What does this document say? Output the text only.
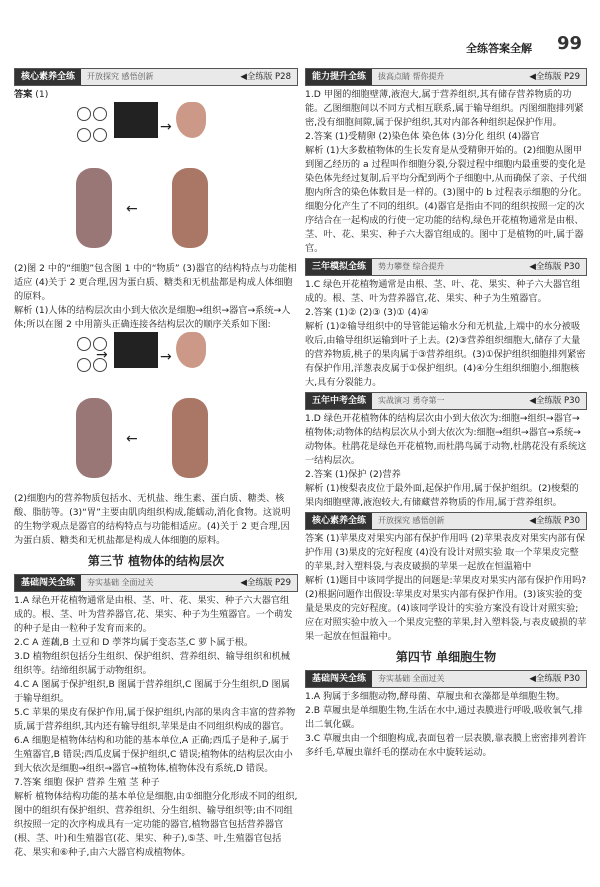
全练答案全解 99
核心素养全练	开放探究 感悟创新	◀全练版 P28

答案 (1)

→
←

(2)图 2 中的“细胞”包含图 1 中的“物质” (3)器官的结构特点与功能相适应 (4)关于 2 更合理,因为蛋白质、糖类和无机盐都是构成人体细胞的原料。

解析 (1)人体的结构层次由小到大依次是细胞→组织→器官→系统→人体;所以在图 2 中用箭头正确连接各结构层次的顺序关系如下图:

→	→
←

(2)细胞内的营养物质包括水、无机盐、维生素、蛋白质、糖类、核酸、脂肪等。(3)“胃”主要由肌肉组织构成,能蠕动,消化食物。这说明的生物学观点是器官的结构特点与功能相适应。(4)关于 2 更合理,因为蛋白质、糖类和无机盐都是构成人体细胞的原料。

第三节 植物体的结构层次
基础闯关全练	夯实基础 全面过关	◀全练版 P29

1.A 绿色开花植物通常是由根、茎、叶、花、果实、种子六大器官组成的。根、茎、叶为营养器官,花、果实、种子为生殖器官。一个萌发的种子是由一粒种子发育而来的。

2.C A 莲藕,B 土豆和 D 荸荠均属于变态茎,C 萝卜属于根。

3.D 植物组织包括分生组织、保护组织、营养组织、输导组织和机械组织等。结缔组织属于动物组织。

4.C A 图属于保护组织,B 图属于营养组织,C 图属于分生组织,D 图属于输导组织。

5.C 苹果的果皮有保护作用,属于保护组织,内部的果肉含丰富的营养物质,属于营养组织,其内还有输导组织,苹果是由不同组织构成的器官。

6.A 细胞是植物体结构和功能的基本单位,A 正确;西瓜子是种子,属于生殖器官,B 错误;西瓜皮属于保护组织,C 错误;植物体的结构层次由小到大依次是细胞→组织→器官→植物体,植物体没有系统,D 错误。

7.答案 细胞 保护 营养 生殖 茎 种子

解析 植物体结构功能的基本单位是细胞,由①细胞分化形成不同的组织,图中的组织有保护组织、营养组织、分生组织、输导组织等;由不同组织按照一定的次序构成具有一定功能的器官,植物器官包括营养器官(根、茎、叶)和生殖器官(花、果实、种子),⑤茎、叶,生殖器官包括花、果实和⑥种子,由六大器官构成植物体。

能力提升全练	拔高点睛 帮你提升	◀全练版 P29

1.D 甲图的细胞壁薄,液泡大,属于营养组织,其有储存营养物质的功能。乙图细胞间以不同方式相互联系,属于输导组织。丙图细胞排列紧密,没有细胞间隙,属于保护组织,其对内部各种组织起保护作用。

2.答案 (1)受精卵 (2)染色体 染色体 (3)分化 组织 (4)器官

解析 (1)大多数植物体的生长发育是从受精卵开始的。(2)细胞从图甲到图乙经历的 a 过程叫作细胞分裂,分裂过程中细胞内最重要的变化是染色体先经过复制,后平均分配到两个子细胞中,从而确保了亲、子代细胞内所含的染色体数目是一样的。(3)图中的 b 过程表示细胞的分化。细胞分化产生了不同的组织。(4)器官是指由不同的组织按照一定的次序结合在一起构成的行使一定功能的结构,绿色开花植物通常是由根、茎、叶、花、果实、种子六大器官组成的。图中丁是植物的叶,属于器官。

三年模拟全练	势力攀登 综合提升	◀全练版 P30

1.C 绿色开花植物通常是由根、茎、叶、花、果实、种子六大器官组成的。根、茎、叶为营养器官,花、果实、种子为生殖器官。

2.答案 (1)② (2)③ (3)① (4)④

解析 (1)②输导组织中的导管能运输水分和无机盐,上端中的水分被吸收后,由输导组织运输到叶子上去。(2)③营养组织细胞大,储存了大量的营养物质,桃子的果肉属于③营养组织。(3)①保护组织细胞排列紧密有保护作用,洋葱表皮属于①保护组织。(4)④分生组织细胞小,细胞核大,具有分裂能力。

五年中考全练	实战演习 勇夺第一	◀全练版 P30

1.D 绿色开花植物体的结构层次由小到大依次为:细胞→组织→器官→植物体;动物体的结构层次从小到大依次为:细胞→组织→器官→系统→动物体。杜鹃花是绿色开花植物,而杜鹃鸟属于动物,杜鹃花没有系统这一结构层次。

2.答案 (1)保护 (2)营养

解析 (1)梭梨表皮位于最外面,起保护作用,属于保护组织。(2)梭梨的果肉细胞壁薄,液泡较大,有储藏营养物质的作用,属于营养组织。

核心素养全练	开放探究 感悟创新	◀全练版 P30

答案 (1)苹果皮对果实内部有保护作用吗 (2)苹果表皮对果实内部有保护作用 (3)果皮的完好程度 (4)没有设计对照实验 取一个苹果皮完整的苹果,封入塑料袋,与表皮破损的苹果一起放在恒温箱中

解析 (1)题目中该同学提出的问题是:苹果皮对果实内部有保护作用吗?(2)根据问题作出假设:苹果皮对果实内部有保护作用。(3)该实验的变量是果皮的完好程度。(4)该同学设计的实验方案没有设计对照实验;应在对照实验中放入一个果皮完整的苹果,封入塑料袋,与表皮破损的苹果一起放在恒温箱中。

第四节 单细胞生物
基础闯关全练	夯实基础 全面过关	◀全练版 P30

1.A 狗属于多细胞动物,酵母菌、草履虫和衣藻都是单细胞生物。

2.B 草履虫是单细胞生物,生活在水中,通过表膜进行呼吸,吸收氧气,排出二氧化碳。

3.C 草履虫由一个细胞构成,表面包着一层表膜,靠表膜上密密排列着许多纤毛,草履虫靠纤毛的摆动在水中旋转运动。
